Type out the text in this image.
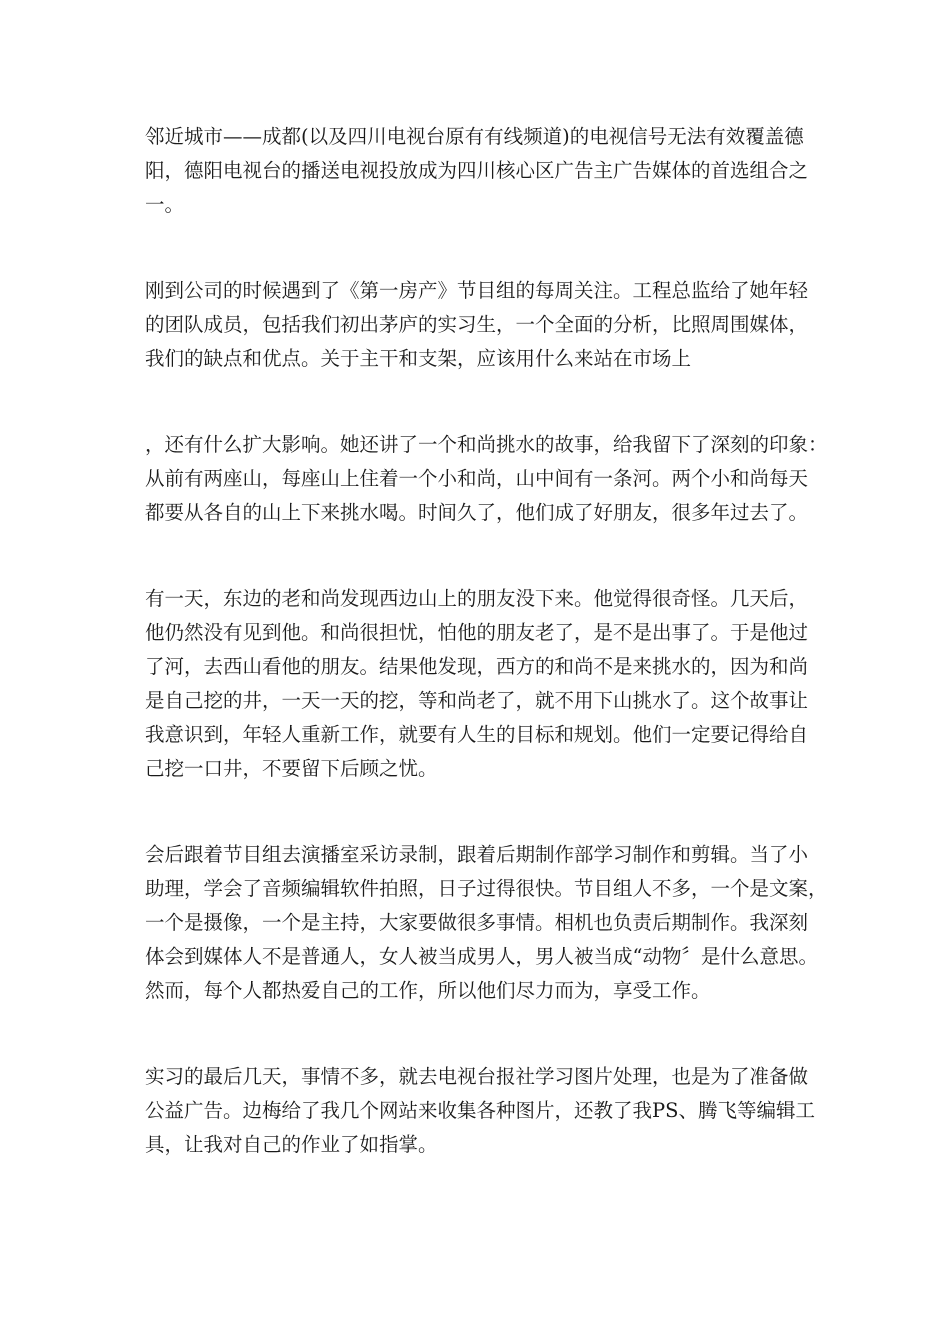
邻近城市——成都(以及四川电视台原有有线频道)的电视信号无法有效覆盖德
阳，德阳电视台的播送电视投放成为四川核心区广告主广告媒体的首选组合之
一。
刚到公司的时候遇到了《第一房产》节目组的每周关注。工程总监给了她年轻
的团队成员，包括我们初出茅庐的实习生，一个全面的分析，比照周围媒体，
我们的缺点和优点。关于主干和支架，应该用什么来站在市场上
，还有什么扩大影响。她还讲了一个和尚挑水的故事，给我留下了深刻的印象：
从前有两座山，每座山上住着一个小和尚，山中间有一条河。两个小和尚每天
都要从各自的山上下来挑水喝。时间久了，他们成了好朋友，很多年过去了。
有一天，东边的老和尚发现西边山上的朋友没下来。他觉得很奇怪。几天后，
他仍然没有见到他。和尚很担忧，怕他的朋友老了，是不是出事了。于是他过
了河，去西山看他的朋友。结果他发现，西方的和尚不是来挑水的，因为和尚
是自己挖的井，一天一天的挖，等和尚老了，就不用下山挑水了。这个故事让
我意识到，年轻人重新工作，就要有人生的目标和规划。他们一定要记得给自
己挖一口井，不要留下后顾之忧。
会后跟着节目组去演播室采访录制，跟着后期制作部学习制作和剪辑。当了小
助理，学会了音频编辑软件拍照，日子过得很快。节目组人不多，一个是文案，
一个是摄像，一个是主持，大家要做很多事情。相机也负责后期制作。我深刻
体会到媒体人不是普通人，女人被当成男人，男人被当成“动物〞是什么意思。
然而，每个人都热爱自己的工作，所以他们尽力而为，享受工作。
实习的最后几天，事情不多，就去电视台报社学习图片处理，也是为了准备做
公益广告。边梅给了我几个网站来收集各种图片，还教了我PS、腾飞等编辑工
具，让我对自己的作业了如指掌。
